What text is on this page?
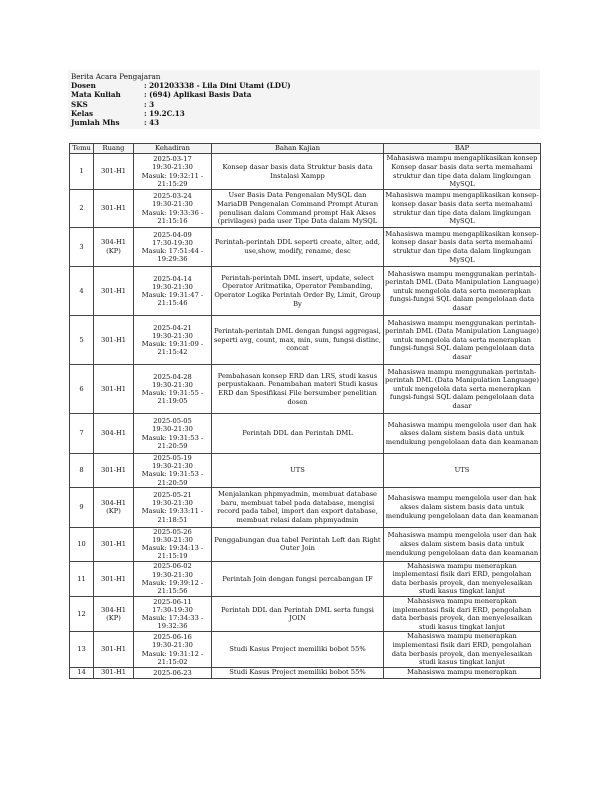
Berita Acara Pengajaran
Dosen	: 201203338 - Lila Dini Utami (LDU)
Mata Kuliah	: (694) Aplikasi Basis Data
SKS	: 3
Kelas	: 19.2C.13
Jumlah Mhs	: 43
Temu	Ruang	Kehadiran	Bahan Kajian	BAP
1	301-H1	2025-03-17
19:30-21:30
Masuk: 19:32:11 -
21:15:29	Konsep dasar basis data Struktur basis data Instalasi Xampp	Mahasiswa mampu mengaplikasikan konsep Konsep dasar basis data serta memahami struktur dan tipe data dalam lingkungan MySQL
2	301-H1	2025-03-24
19:30-21:30
Masuk: 19:33:36 -
21:15:16	User Basis Data Pengenalan MySQL dan MariaDB Pengenalan Command Prompt Aturan penulisan dalam Command prompt Hak Akses (privilages) pada user Tipe Data dalam MySQL	Mahasiswa mampu mengaplikasikan konsep-konsep dasar basis data serta memahami struktur dan tipe data dalam lingkungan MySQL
3	304-H1 (KP)	2025-04-09
17:30-19:30
Masuk: 17:51:44 -
19:29:36	Perintah-perintah DDL seperti create, alter, add, use,show, modify, rename, desc	Mahasiswa mampu mengaplikasikan konsep-konsep dasar basis data serta memahami struktur dan tipe data dalam lingkungan MySQL
4	301-H1	2025-04-14
19:30-21:30
Masuk: 19:31:47 -
21:15:46	Perintah-perintah DML insert, update, select Operator Aritmatika, Operator Pembanding, Operator Logika Perintah Order By, Limit, Group By	Mahasiswa mampu menggunakan perintah-perintah DML (Data Manipulation Language) untuk mengelola data serta menerapkan fungsi-fungsi SQL dalam pengelolaan data dasar
5	301-H1	2025-04-21
19:30-21:30
Masuk: 19:31:09 -
21:15:42	Perintah-perintah DML dengan fungsi aggregasi, seperti avg, count, max, min, sum, fungsi distinc, concat	Mahasiswa mampu menggunakan perintah-perintah DML (Data Manipulation Language) untuk mengelola data serta menerapkan fungsi-fungsi SQL dalam pengelolaan data dasar
6	301-H1	2025-04-28
19:30-21:30
Masuk: 19:31:55 -
21:19:05	Pembahasan konsep ERD dan LRS, studi kasus perpustakaan. Penambahan materi Studi kasus ERD dan Spesifikasi File bersumber penelitian dosen	Mahasiswa mampu menggunakan perintah-perintah DML (Data Manipulation Language) untuk mengelola data serta menerapkan fungsi-fungsi SQL dalam pengelolaan data dasar
7	304-H1	2025-05-05
19:30-21:30
Masuk: 19:31:53 -
21:20:59	Perintah DDL dan Perintah DML	Mahasiswa mampu mengelola user dan hak akses dalam sistem basis data untuk mendukung pengelolaan data dan keamanan
8	301-H1	2025-05-19
19:30-21:30
Masuk: 19:31:53 -
21:20:59	UTS	UTS
9	304-H1 (KP)	2025-05-21
19:30-21:30
Masuk: 19:33:11 -
21:18:51	Menjalankan phpmyadmin, membuat database baru, membuat tabel pada database, mengisi record pada tabel, import dan export database, membuat relasi dalam phpmyadmin	Mahasiswa mampu mengelola user dan hak akses dalam sistem basis data untuk mendukung pengelolaan data dan keamanan
10	301-H1	2025-05-26
19:30-21:30
Masuk: 19:34:13 -
21:15:19	Penggabungan dua tabel Perintah Left dan Right Outer Join	Mahasiswa mampu mengelola user dan hak akses dalam sistem basis data untuk mendukung pengelolaan data dan keamanan
11	301-H1	2025-06-02
19:30-21:30
Masuk: 19:39:12 -
21:15:56	Perintah Join dengan fungsi percabangan IF	Mahasiswa mampu menerapkan implementasi fisik dari ERD, pengolahan data berbasis proyek, dan menyelesaikan studi kasus tingkat lanjut
12	304-H1 (KP)	2025-06-11
17:30-19:30
Masuk: 17:34:33 -
19:32:36	Perintah DDL dan Perintah DML serta fungsi JOIN	Mahasiswa mampu menerapkan implementasi fisik dari ERD, pengolahan data berbasis proyek, dan menyelesaikan studi kasus tingkat lanjut
13	301-H1	2025-06-16
19:30-21:30
Masuk: 19:31:12 -
21:15:02	Studi Kasus Project memiliki bobot 55%	Mahasiswa mampu menerapkan implementasi fisik dari ERD, pengolahan data berbasis proyek, dan menyelesaikan studi kasus tingkat lanjut
14	301-H1	2025-06-23	Studi Kasus Project memiliki bobot 55%	Mahasiswa mampu menerapkan
